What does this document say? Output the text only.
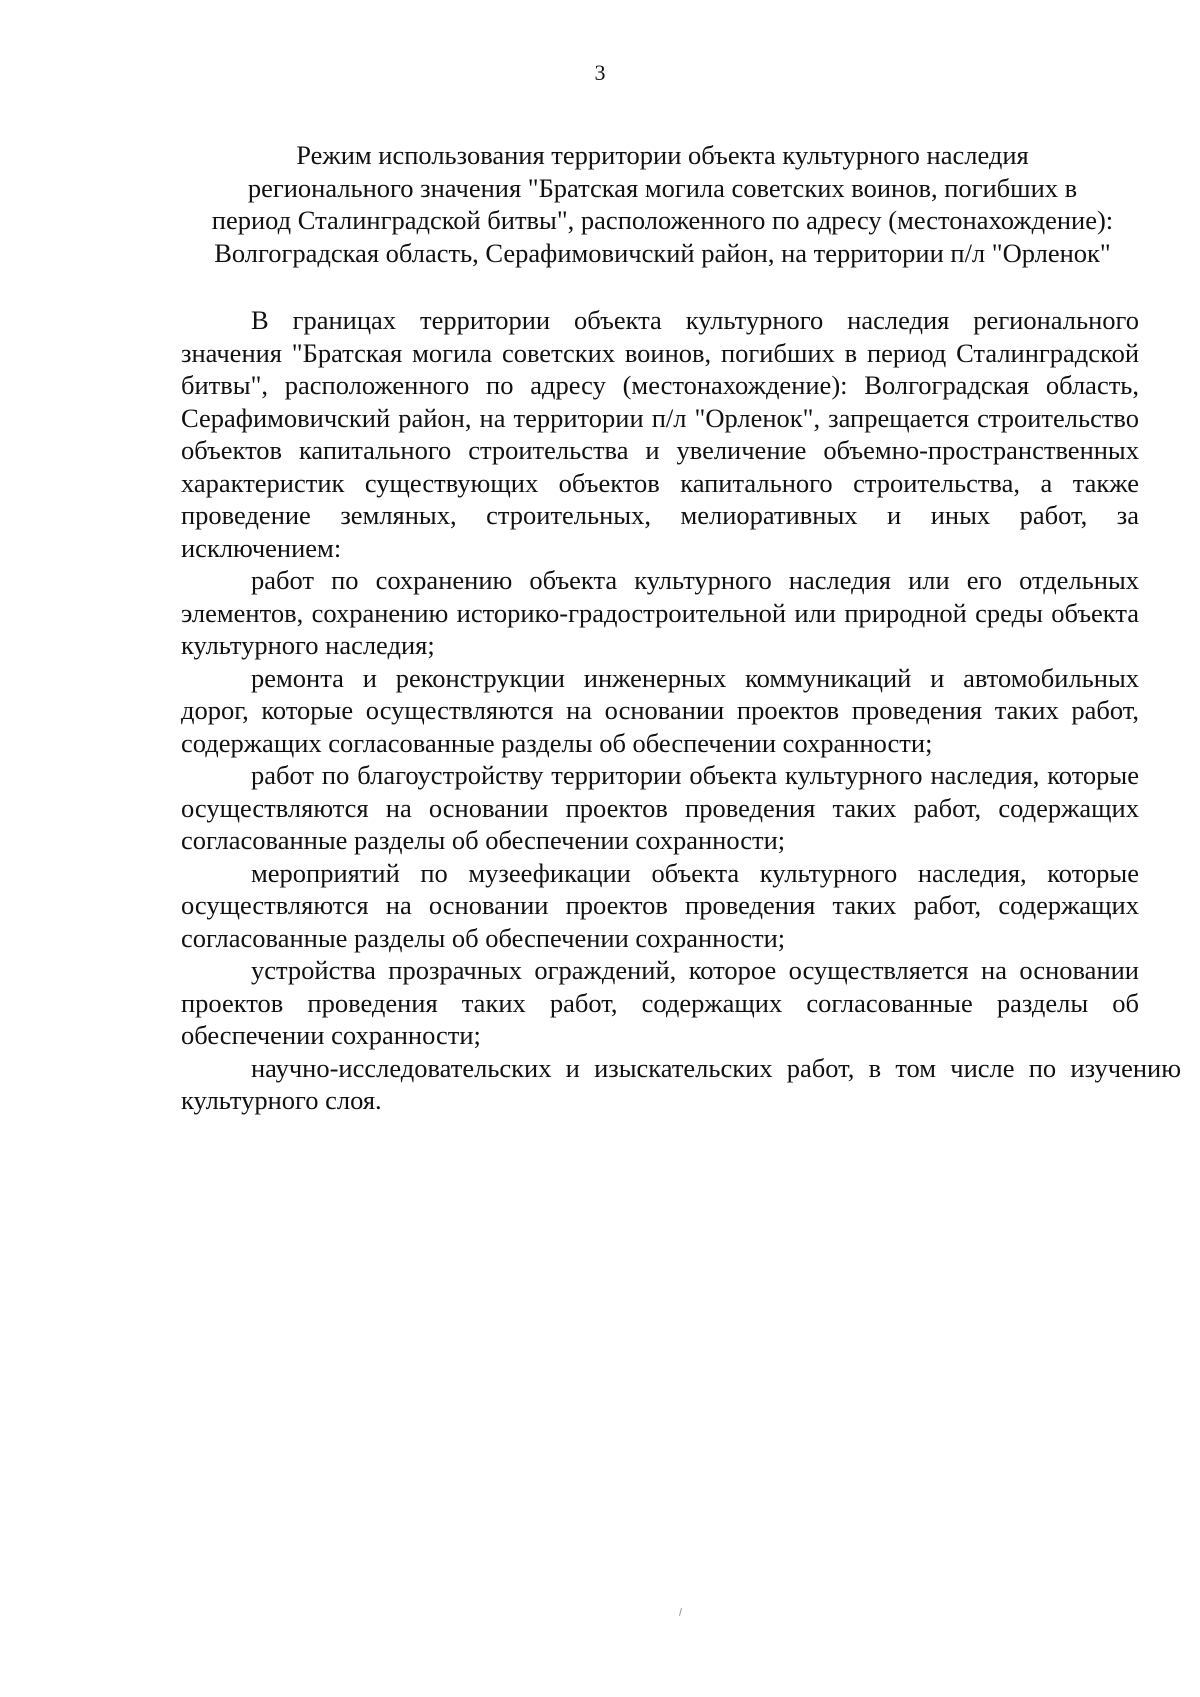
3
Режим использования территории объекта культурного наследия
регионального значения "Братская могила советских воинов, погибших в
период Сталинградской битвы", расположенного по адресу (местонахождение):
Волгоградская область, Серафимовичский район, на территории п/л "Орленок"

В границах территории объекта культурного наследия регионального значения "Братская могила советских воинов, погибших в период Сталинградской битвы", расположенного по адресу (местонахождение): Волгоградская область, Серафимовичский район, на территории п/л "Орленок", запрещается строительство объектов капитального строительства и увеличение объемно-пространственных характеристик существующих объектов капитального строительства, а также проведение земляных, строительных, мелиоративных и иных работ, за исключением:

работ по сохранению объекта культурного наследия или его отдельных элементов, сохранению историко-градостроительной или природной среды объекта культурного наследия;

ремонта и реконструкции инженерных коммуникаций и автомобильных дорог, которые осуществляются на основании проектов проведения таких работ, содержащих согласованные разделы об обеспечении сохранности;

работ по благоустройству территории объекта культурного наследия, которые осуществляются на основании проектов проведения таких работ, содержащих согласованные разделы об обеспечении сохранности;

мероприятий по музеефикации объекта культурного наследия, которые осуществляются на основании проектов проведения таких работ, содержащих согласованные разделы об обеспечении сохранности;

устройства прозрачных ограждений, которое осуществляется на основании проектов проведения таких работ, содержащих согласованные разделы об обеспечении сохранности;

научно-исследовательских и изыскательских работ, в том числе по изучению культурного слоя.
